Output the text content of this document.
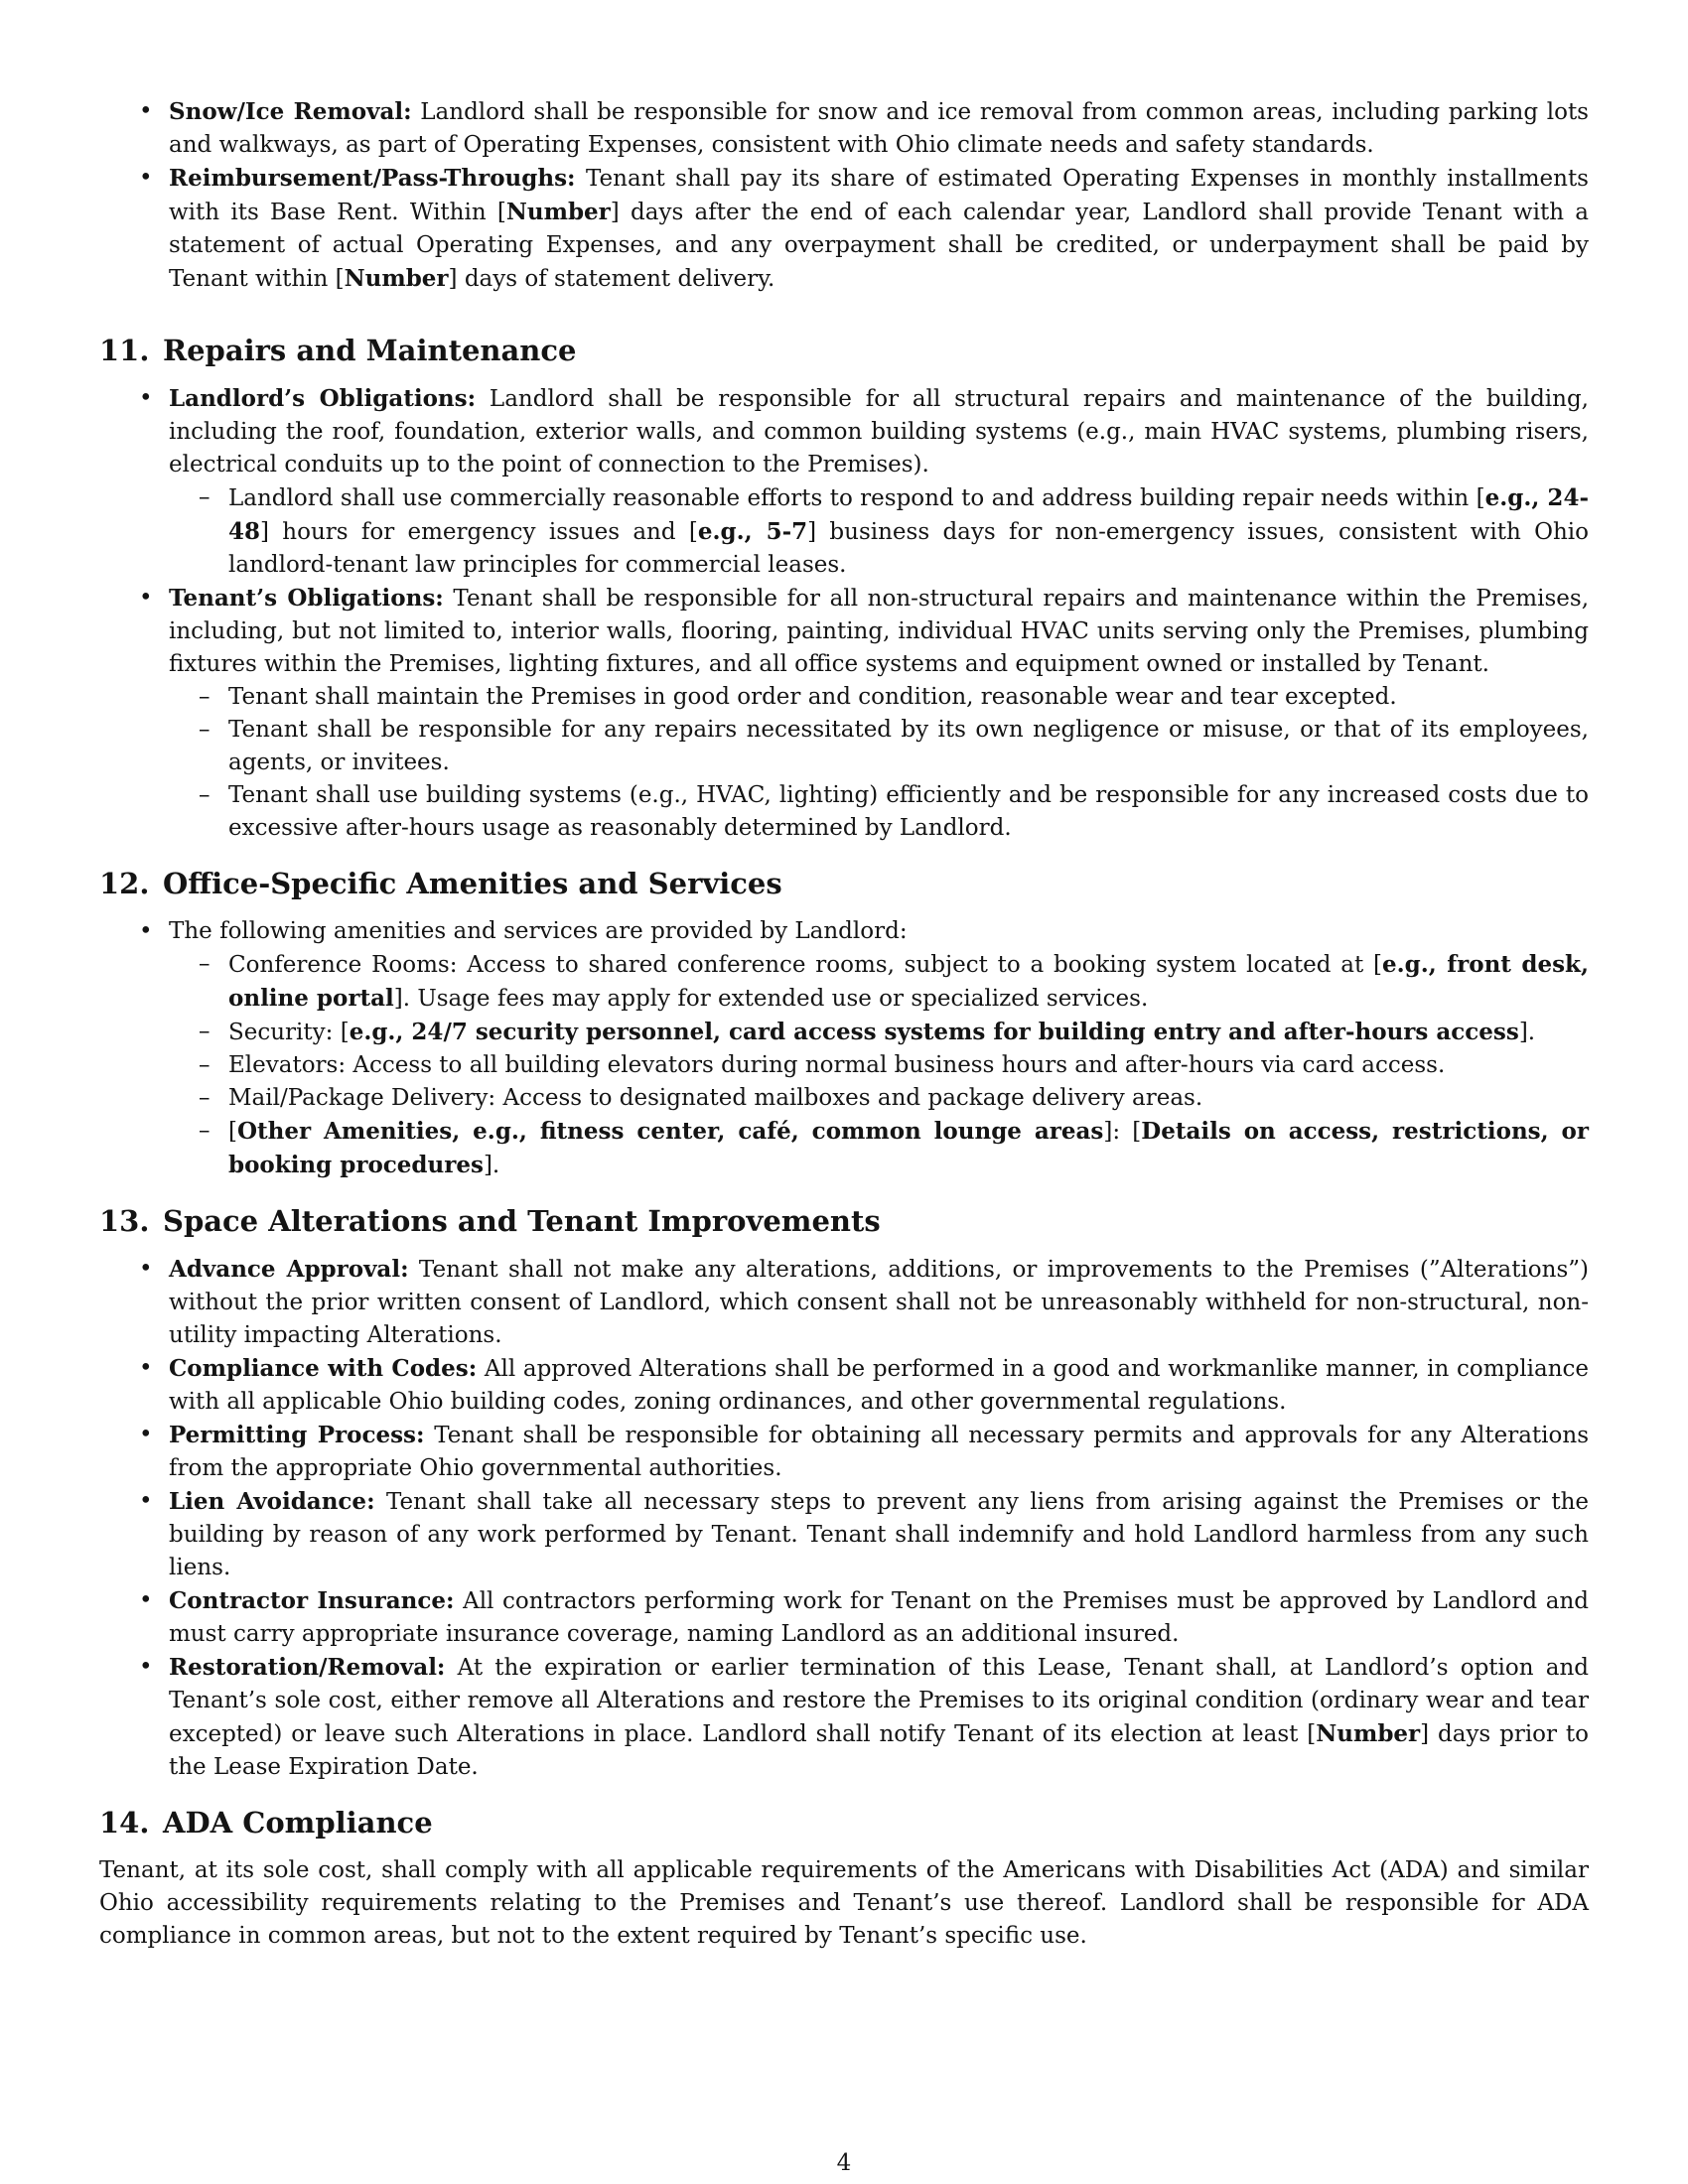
• Snow/Ice Removal: Landlord shall be responsible for snow and ice removal from common areas, including parking lots and walkways, as part of Operating Expenses, consistent with Ohio climate needs and safety standards.
• Reimbursement/Pass-Throughs: Tenant shall pay its share of estimated Operating Expenses in monthly installments with its Base Rent. Within [Number] days after the end of each calendar year, Landlord shall provide Tenant with a statement of actual Operating Expenses, and any overpayment shall be credited, or underpayment shall be paid by Tenant within [Number] days of statement delivery.
11. Repairs and Maintenance
• Landlord’s Obligations: Landlord shall be responsible for all structural repairs and maintenance of the building, including the roof, foundation, exterior walls, and common building systems (e.g., main HVAC systems, plumbing risers, electrical conduits up to the point of connection to the Premises).
– Landlord shall use commercially reasonable efforts to respond to and address building repair needs within [e.g., 24-48] hours for emergency issues and [e.g., 5-7] business days for non-emergency issues, consistent with Ohio landlord-tenant law principles for commercial leases.
• Tenant’s Obligations: Tenant shall be responsible for all non-structural repairs and maintenance within the Premises, including, but not limited to, interior walls, flooring, painting, individual HVAC units serving only the Premises, plumbing fixtures within the Premises, lighting fixtures, and all office systems and equipment owned or installed by Tenant.
– Tenant shall maintain the Premises in good order and condition, reasonable wear and tear excepted.
– Tenant shall be responsible for any repairs necessitated by its own negligence or misuse, or that of its employees, agents, or invitees.
– Tenant shall use building systems (e.g., HVAC, lighting) efficiently and be responsible for any increased costs due to excessive after-hours usage as reasonably determined by Landlord.
12. Office-Specific Amenities and Services
• The following amenities and services are provided by Landlord:
– Conference Rooms: Access to shared conference rooms, subject to a booking system located at [e.g., front desk, online portal]. Usage fees may apply for extended use or specialized services.
– Security: [e.g., 24/7 security personnel, card access systems for building entry and after-hours access].
– Elevators: Access to all building elevators during normal business hours and after-hours via card access.
– Mail/Package Delivery: Access to designated mailboxes and package delivery areas.
– [Other Amenities, e.g., fitness center, café, common lounge areas]: [Details on access, restrictions, or booking procedures].
13. Space Alterations and Tenant Improvements
• Advance Approval: Tenant shall not make any alterations, additions, or improvements to the Premises (”Alterations”) without the prior written consent of Landlord, which consent shall not be unreasonably withheld for non-structural, non-utility impacting Alterations.
• Compliance with Codes: All approved Alterations shall be performed in a good and workmanlike manner, in compliance with all applicable Ohio building codes, zoning ordinances, and other governmental regulations.
• Permitting Process: Tenant shall be responsible for obtaining all necessary permits and approvals for any Alterations from the appropriate Ohio governmental authorities.
• Lien Avoidance: Tenant shall take all necessary steps to prevent any liens from arising against the Premises or the building by reason of any work performed by Tenant. Tenant shall indemnify and hold Landlord harmless from any such liens.
• Contractor Insurance: All contractors performing work for Tenant on the Premises must be approved by Landlord and must carry appropriate insurance coverage, naming Landlord as an additional insured.
• Restoration/Removal: At the expiration or earlier termination of this Lease, Tenant shall, at Landlord’s option and Tenant’s sole cost, either remove all Alterations and restore the Premises to its original condition (ordinary wear and tear excepted) or leave such Alterations in place. Landlord shall notify Tenant of its election at least [Number] days prior to the Lease Expiration Date.
14. ADA Compliance

Tenant, at its sole cost, shall comply with all applicable requirements of the Americans with Disabilities Act (ADA) and similar Ohio accessibility requirements relating to the Premises and Tenant’s use thereof. Landlord shall be responsible for ADA compliance in common areas, but not to the extent required by Tenant’s specific use.

4
